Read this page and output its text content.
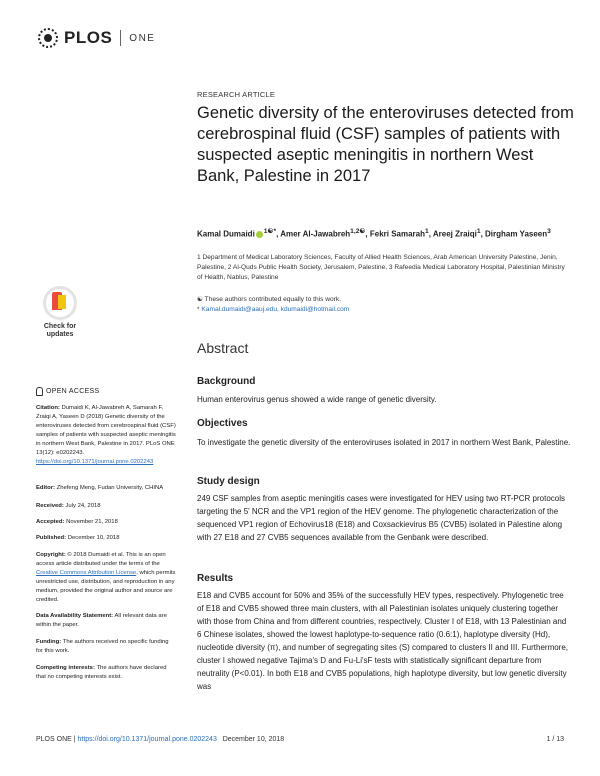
PLOS ONE
RESEARCH ARTICLE
Genetic diversity of the enteroviruses detected from cerebrospinal fluid (CSF) samples of patients with suspected aseptic meningitis in northern West Bank, Palestine in 2017
Kamal Dumaidi $^{1☯*}$, Amer Al-Jawabreh$^{1,2☯}$, Fekri Samarah$^1$, Areej Zraiqi$^1$, Dirgham Yaseen$^3$
1 Department of Medical Laboratory Sciences, Faculty of Allied Health Sciences, Arab American University Palestine, Jenin, Palestine, 2 Al-Quds Public Health Society, Jerusalem, Palestine, 3 Rafeedia Medical Laboratory Hospital, Palestinian Ministry of Health, Nablus, Palestine
☯ These authors contributed equally to this work.
* Kamal.dumaidi@aauj.edu, kdumaidi@hotmail.com
Check for updates
OPEN ACCESS
Citation: Dumaidi K, Al-Jawabreh A, Samarah F, Zraiqi A, Yaseen D (2018) Genetic diversity of the enteroviruses detected from cerebrospinal fluid (CSF) samples of patients with suspected aseptic meningitis in northern West Bank, Palestine in 2017. PLoS ONE 13(12): e0202243. https://doi.org/10.1371/journal.pone.0202243
Editor: Zhefeng Meng, Fudan University, CHINA
Received: July 24, 2018
Accepted: November 21, 2018
Published: December 10, 2018
Copyright: © 2018 Dumaidi et al. This is an open access article distributed under the terms of the Creative Commons Attribution License, which permits unrestricted use, distribution, and reproduction in any medium, provided the original author and source are credited.
Data Availability Statement: All relevant data are within the paper.
Funding: The authors received no specific funding for this work.
Competing interests: The authors have declared that no competing interests exist.
Abstract
Background

Human enterovirus genus showed a wide range of genetic diversity.

Objectives

To investigate the genetic diversity of the enteroviruses isolated in 2017 in northern West Bank, Palestine.

Study design

249 CSF samples from aseptic meningitis cases were investigated for HEV using two RT-PCR protocols targeting the 5' NCR and the VP1 region of the HEV genome. The phylogenetic characterization of the sequenced VP1 region of Echovirus18 (E18) and Coxsackievirus B5 (CVB5) isolated in Palestine along with 27 E18 and 27 CVB5 sequences available from the Genbank were described.

Results

E18 and CVB5 account for 50% and 35% of the successfully HEV types, respectively. Phylogenetic tree of E18 and CVB5 showed three main clusters, with all Palestinian isolates uniquely clustering together with those from China and from different countries, respectively. Cluster I of E18, with 13 Palestinian and 6 Chinese isolates, showed the lowest haplotype-to-sequence ratio (0.6:1), haplotype diversity (Hd), nucleotide diversity (π), and number of segregating sites (S) compared to clusters II and III. Furthermore, cluster I showed negative Tajima's D and Fu-Li'sF tests with statistically significant departure from neutrality (P<0.01). In both E18 and CVB5 populations, high haplotype diversity, but low genetic diversity was

PLOS ONE | https://doi.org/10.1371/journal.pone.0202243 December 10, 2018	1 / 13
